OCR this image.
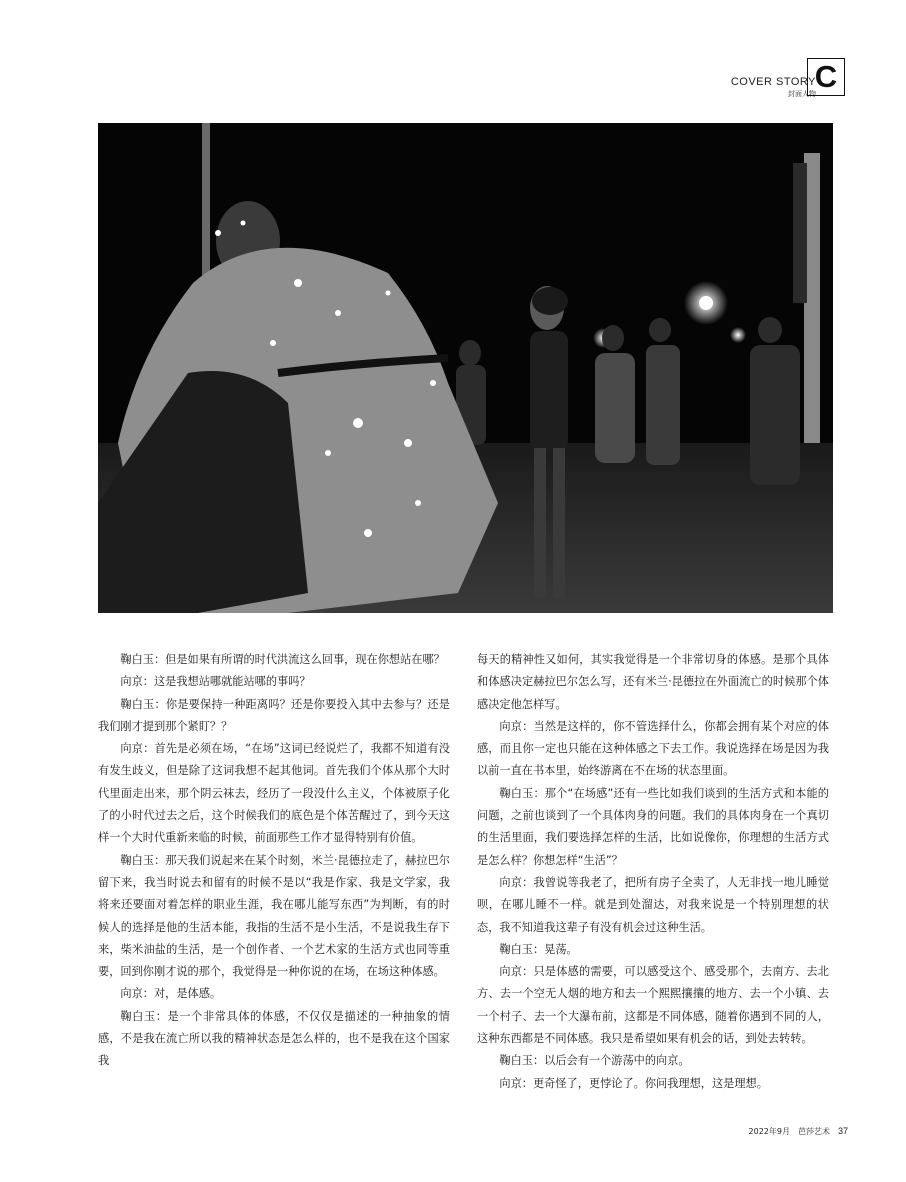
COVER STORY
封面人物
C

鞠白玉：但是如果有所谓的时代洪流这么回事，现在你想站在哪？

向京：这是我想站哪就能站哪的事吗？

鞠白玉：你是要保持一种距离吗？还是你要投入其中去参与？还是我们刚才提到那个紧盯？？

向京：首先是必须在场，“在场”这词已经说烂了，我都不知道有没有发生歧义，但是除了这词我想不起其他词。首先我们个体从那个大时代里面走出来，那个阴云袜去，经历了一段没什么主义，个体被原子化了的小时代过去之后，这个时候我们的底色是个体苦醒过了，到今天这样一个大时代重新来临的时候，前面那些工作才显得特别有价值。

鞠白玉：那天我们说起来在某个时刻，米兰·昆德拉走了，赫拉巴尔留下来，我当时说去和留有的时候不是以“我是作家、我是文学家，我将来还要面对着怎样的职业生涯，我在哪儿能写东西”为判断，有的时候人的选择是他的生活本能，我指的生活不是小生活，不是说我生存下来，柴米油盐的生活，是一个创作者、一个艺术家的生活方式也同等重要，回到你刚才说的那个，我觉得是一种你说的在场，在场这种体感。

向京：对，是体感。

鞠白玉：是一个非常具体的体感，不仅仅是描述的一种抽象的情感，不是我在流亡所以我的精神状态是怎么样的，也不是我在这个国家我

每天的精神性又如何，其实我觉得是一个非常切身的体感。是那个具体和体感决定赫拉巴尔怎么写，还有米兰·昆德拉在外面流亡的时候那个体感决定他怎样写。

向京：当然是这样的，你不管选择什么，你都会拥有某个对应的体感，而且你一定也只能在这种体感之下去工作。我说选择在场是因为我以前一直在书本里，始终游离在不在场的状态里面。

鞠白玉：那个“在场感”还有一些比如我们谈到的生活方式和本能的问题，之前也谈到了一个具体肉身的问题。我们的具体肉身在一个真切的生活里面，我们要选择怎样的生活，比如说像你，你理想的生活方式是怎么样？你想怎样“生活”？

向京：我曾说等我老了，把所有房子全卖了，人无非找一地儿睡觉呗，在哪儿睡不一样。就是到处溜达，对我来说是一个特别理想的状态，我不知道我这辈子有没有机会过这种生活。

鞠白玉：晃荡。

向京：只是体感的需要，可以感受这个、感受那个，去南方、去北方、去一个空无人烟的地方和去一个熙熙攘攘的地方、去一个小镇、去一个村子、去一个大瀑布前，这都是不同体感，随着你遇到不同的人，这种东西都是不同体感。我只是希望如果有机会的话，到处去转转。

鞠白玉：以后会有一个游荡中的向京。

向京：更奇怪了，更悖论了。你问我理想，这是理想。

2022年9月 芭莎艺术 37
